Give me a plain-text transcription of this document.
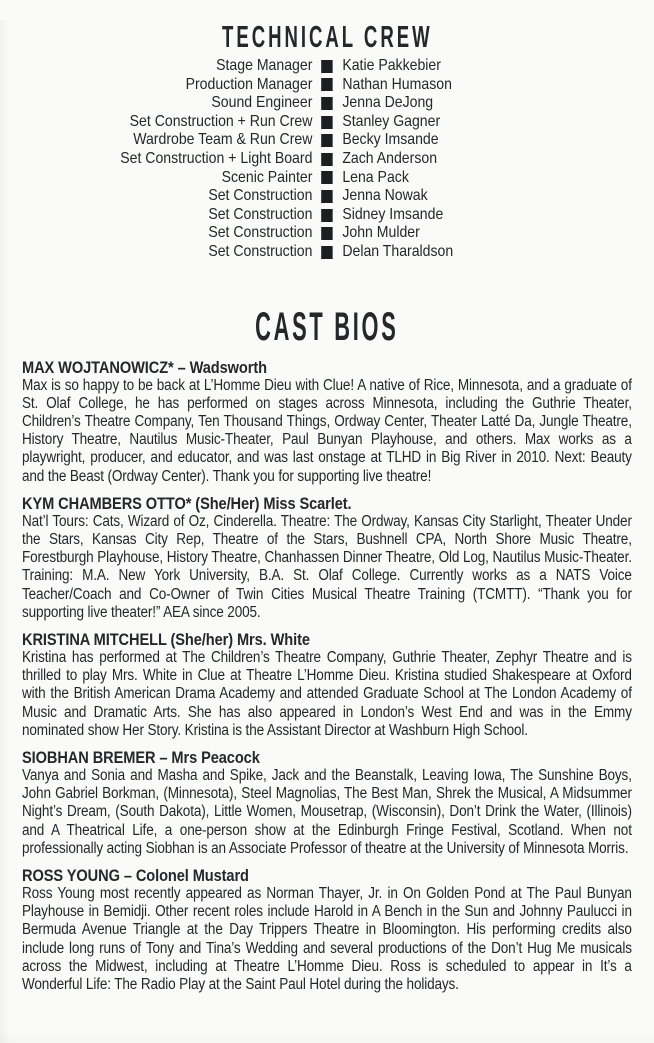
TECHNICAL CREW
Stage Manager Katie Pakkebier
Production Manager Nathan Humason
Sound Engineer Jenna DeJong
Set Construction + Run Crew Stanley Gagner
Wardrobe Team & Run Crew Becky Imsande
Set Construction + Light Board Zach Anderson
Scenic Painter Lena Pack
Set Construction Jenna Nowak
Set Construction Sidney Imsande
Set Construction John Mulder
Set Construction Delan Tharaldson
CAST BIOS
MAX WOJTANOWICZ* – Wadsworth

Max is so happy to be back at L’Homme Dieu with Clue! A native of Rice, Minnesota, and a graduate of St. Olaf College, he has performed on stages across Minnesota, including the Guthrie Theater, Children’s Theatre Company, Ten Thousand Things, Ordway Center, Theater Latté Da, Jungle Theatre, History Theatre, Nautilus Music-Theater, Paul Bunyan Playhouse, and others. Max works as a playwright, producer, and educator, and was last onstage at TLHD in Big River in 2010. Next: Beauty and the Beast (Ordway Center). Thank you for supporting live theatre!

KYM CHAMBERS OTTO* (She/Her) Miss Scarlet.

Nat’l Tours: Cats, Wizard of Oz, Cinderella. Theatre: The Ordway, Kansas City Starlight, Theater Under the Stars, Kansas City Rep, Theatre of the Stars, Bushnell CPA, North Shore Music Theatre, Forestburgh Playhouse, History Theatre, Chanhassen Dinner Theatre, Old Log, Nautilus Music-Theater. Training: M.A. New York University, B.A. St. Olaf College. Currently works as a NATS Voice Teacher/Coach and Co-Owner of Twin Cities Musical Theatre Training (TCMTT). “Thank you for supporting live theater!” AEA since 2005.

KRISTINA MITCHELL (She/her) Mrs. White

Kristina has performed at The Children’s Theatre Company, Guthrie Theater, Zephyr Theatre and is thrilled to play Mrs. White in Clue at Theatre L’Homme Dieu. Kristina studied Shakespeare at Oxford with the British American Drama Academy and attended Graduate School at The London Academy of Music and Dramatic Arts. She has also appeared in London’s West End and was in the Emmy nominated show Her Story. Kristina is the Assistant Director at Washburn High School.

SIOBHAN BREMER – Mrs Peacock

Vanya and Sonia and Masha and Spike, Jack and the Beanstalk, Leaving Iowa, The Sunshine Boys, John Gabriel Borkman, (Minnesota), Steel Magnolias, The Best Man, Shrek the Musical, A Midsummer Night’s Dream, (South Dakota), Little Women, Mousetrap, (Wisconsin), Don’t Drink the Water, (Illinois) and A Theatrical Life, a one-person show at the Edinburgh Fringe Festival, Scotland. When not professionally acting Siobhan is an Associate Professor of theatre at the University of Minnesota Morris.

ROSS YOUNG – Colonel Mustard

Ross Young most recently appeared as Norman Thayer, Jr. in On Golden Pond at The Paul Bunyan Playhouse in Bemidji. Other recent roles include Harold in A Bench in the Sun and Johnny Paulucci in Bermuda Avenue Triangle at the Day Trippers Theatre in Bloomington. His performing credits also include long runs of Tony and Tina’s Wedding and several productions of the Don’t Hug Me musicals across the Midwest, including at Theatre L’Homme Dieu. Ross is scheduled to appear in It’s a Wonderful Life: The Radio Play at the Saint Paul Hotel during the holidays.
